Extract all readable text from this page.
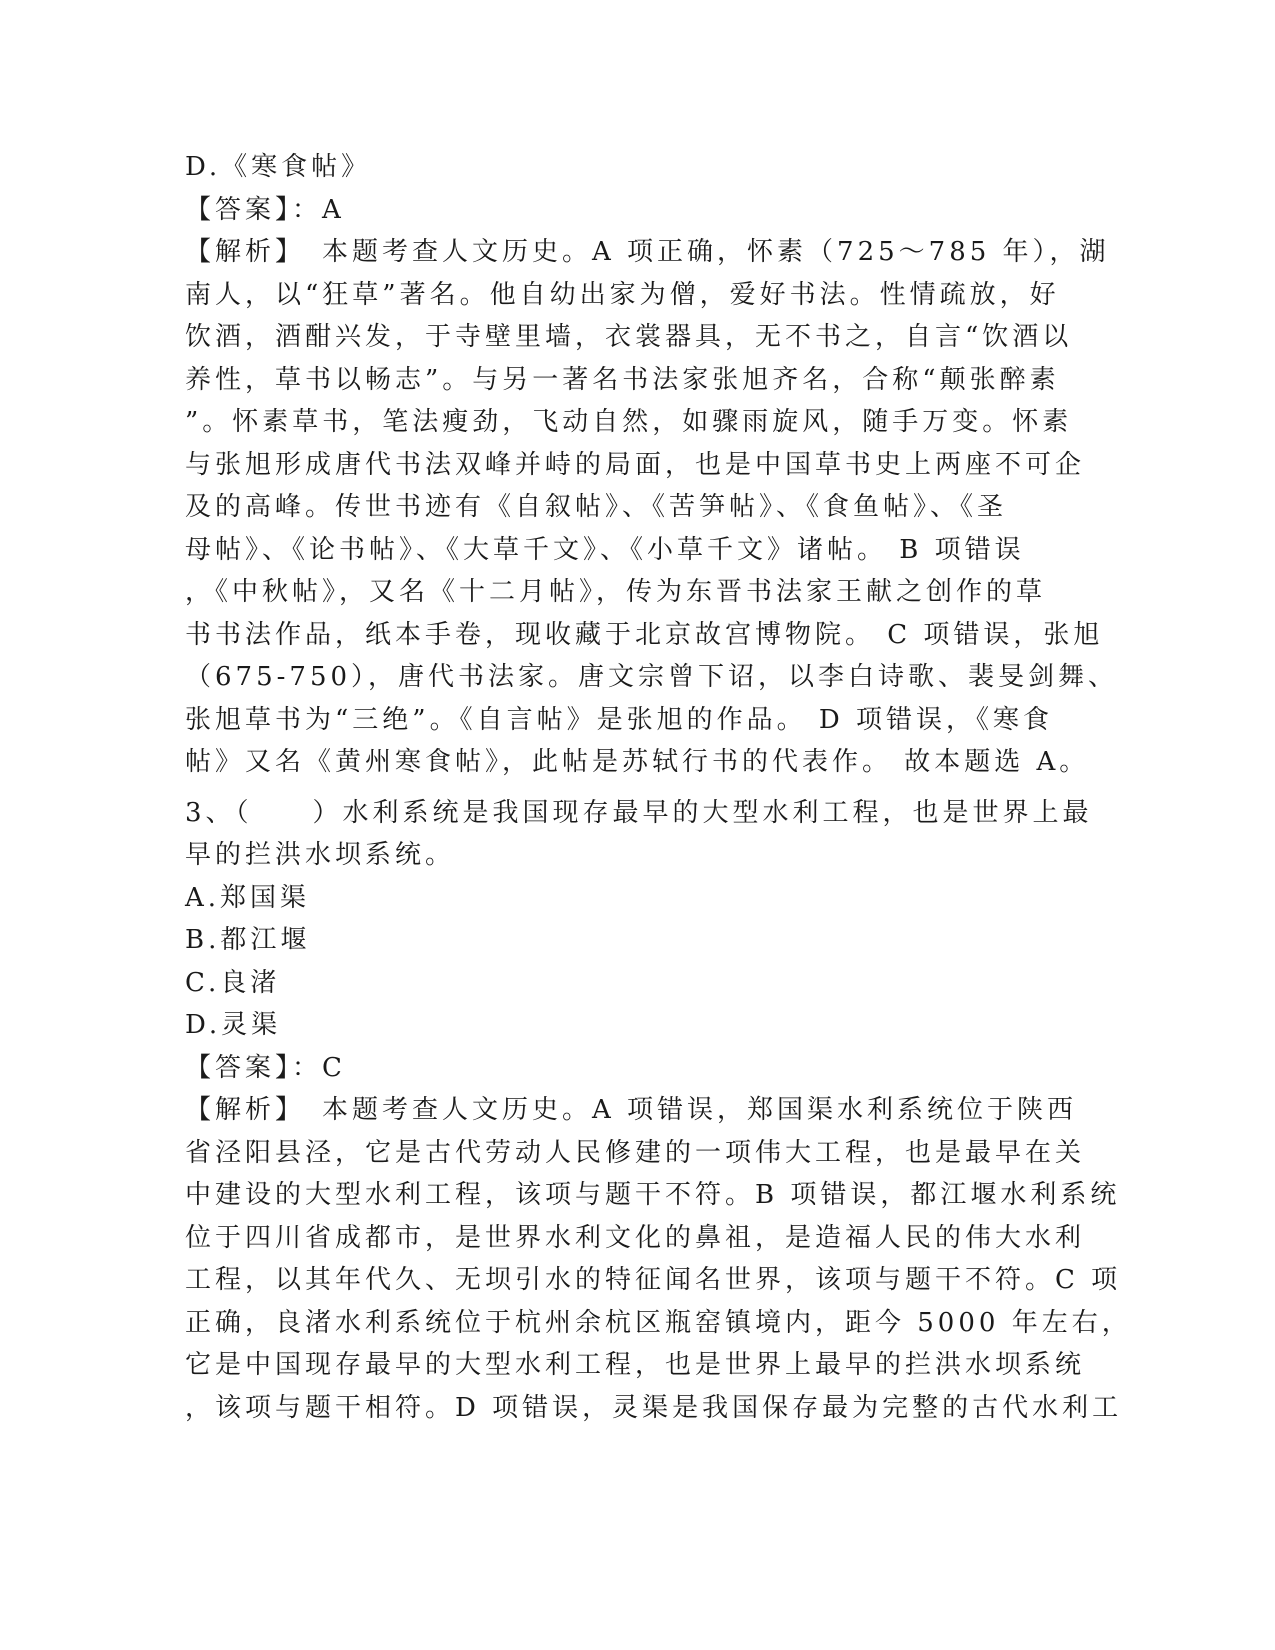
D.《寒食帖》
【答案】：A
【解析】　本题考查人文历史。A 项正确，怀素（725～785 年），湖
南人，以“狂草”著名。他自幼出家为僧，爱好书法。性情疏放，好
饮酒，酒酣兴发，于寺壁里墙，衣裳器具，无不书之，自言“饮酒以
养性，草书以畅志”。与另一著名书法家张旭齐名，合称“颠张醉素
”。怀素草书，笔法瘦劲，飞动自然，如骤雨旋风，随手万变。怀素
与张旭形成唐代书法双峰并峙的局面，也是中国草书史上两座不可企
及的高峰。传世书迹有《自叙帖》、《苦笋帖》、《食鱼帖》、《圣
母帖》、《论书帖》、《大草千文》、《小草千文》诸帖。 B 项错误
，《中秋帖》，又名《十二月帖》，传为东晋书法家王献之创作的草
书书法作品，纸本手卷，现收藏于北京故宫博物院。 C 项错误，张旭
（675-750），唐代书法家。唐文宗曾下诏，以李白诗歌、裴旻剑舞、
张旭草书为“三绝”。《自言帖》是张旭的作品。 D 项错误，《寒食
帖》又名《黄州寒食帖》，此帖是苏轼行书的代表作。 故本题选 A。
3、（　　）水利系统是我国现存最早的大型水利工程，也是世界上最
早的拦洪水坝系统。
A.郑国渠
B.都江堰
C.良渚
D.灵渠
【答案】：C
【解析】　本题考查人文历史。A 项错误，郑国渠水利系统位于陕西
省泾阳县泾，它是古代劳动人民修建的一项伟大工程，也是最早在关
中建设的大型水利工程，该项与题干不符。B 项错误，都江堰水利系统
位于四川省成都市，是世界水利文化的鼻祖，是造福人民的伟大水利
工程，以其年代久、无坝引水的特征闻名世界，该项与题干不符。C 项
正确，良渚水利系统位于杭州余杭区瓶窑镇境内，距今 5000 年左右，
它是中国现存最早的大型水利工程，也是世界上最早的拦洪水坝系统
，该项与题干相符。D 项错误，灵渠是我国保存最为完整的古代水利工
